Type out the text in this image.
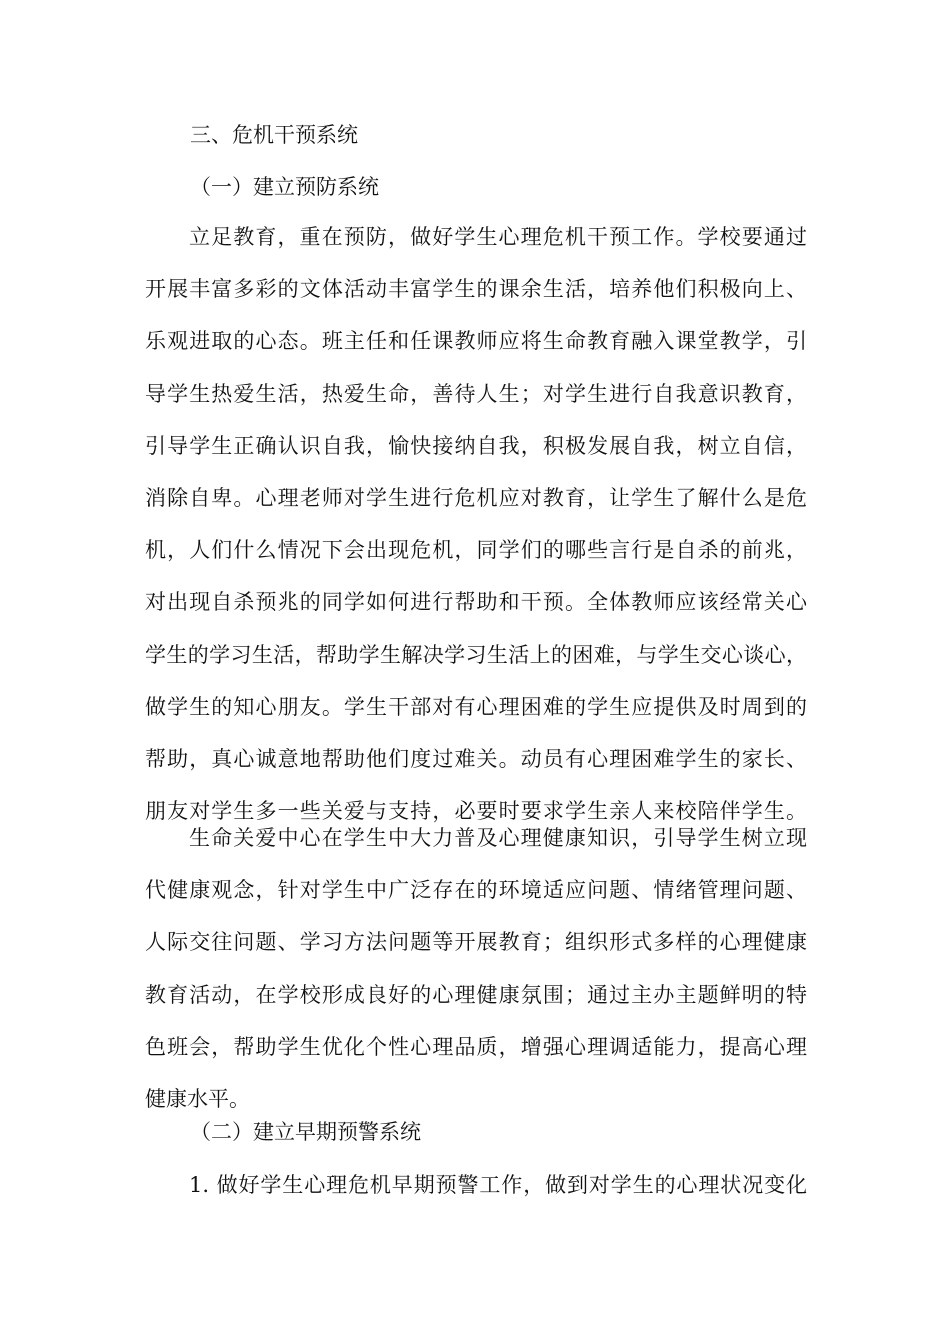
三、危机干预系统
（一）建立预防系统
立足教育，重在预防，做好学生心理危机干预工作。学校要通过
开展丰富多彩的文体活动丰富学生的课余生活，培养他们积极向上、
乐观进取的心态。班主任和任课教师应将生命教育融入课堂教学，引
导学生热爱生活，热爱生命，善待人生；对学生进行自我意识教育，
引导学生正确认识自我，愉快接纳自我，积极发展自我，树立自信，
消除自卑。心理老师对学生进行危机应对教育，让学生了解什么是危
机，人们什么情况下会出现危机，同学们的哪些言行是自杀的前兆，
对出现自杀预兆的同学如何进行帮助和干预。全体教师应该经常关心
学生的学习生活，帮助学生解决学习生活上的困难，与学生交心谈心，
做学生的知心朋友。学生干部对有心理困难的学生应提供及时周到的
帮助，真心诚意地帮助他们度过难关。动员有心理困难学生的家长、
朋友对学生多一些关爱与支持，必要时要求学生亲人来校陪伴学生。
生命关爱中心在学生中大力普及心理健康知识，引导学生树立现
代健康观念，针对学生中广泛存在的环境适应问题、情绪管理问题、
人际交往问题、学习方法问题等开展教育；组织形式多样的心理健康
教育活动，在学校形成良好的心理健康氛围；通过主办主题鲜明的特
色班会，帮助学生优化个性心理品质，增强心理调适能力，提高心理
健康水平。
（二）建立早期预警系统
1. 做好学生心理危机早期预警工作，做到对学生的心理状况变化
